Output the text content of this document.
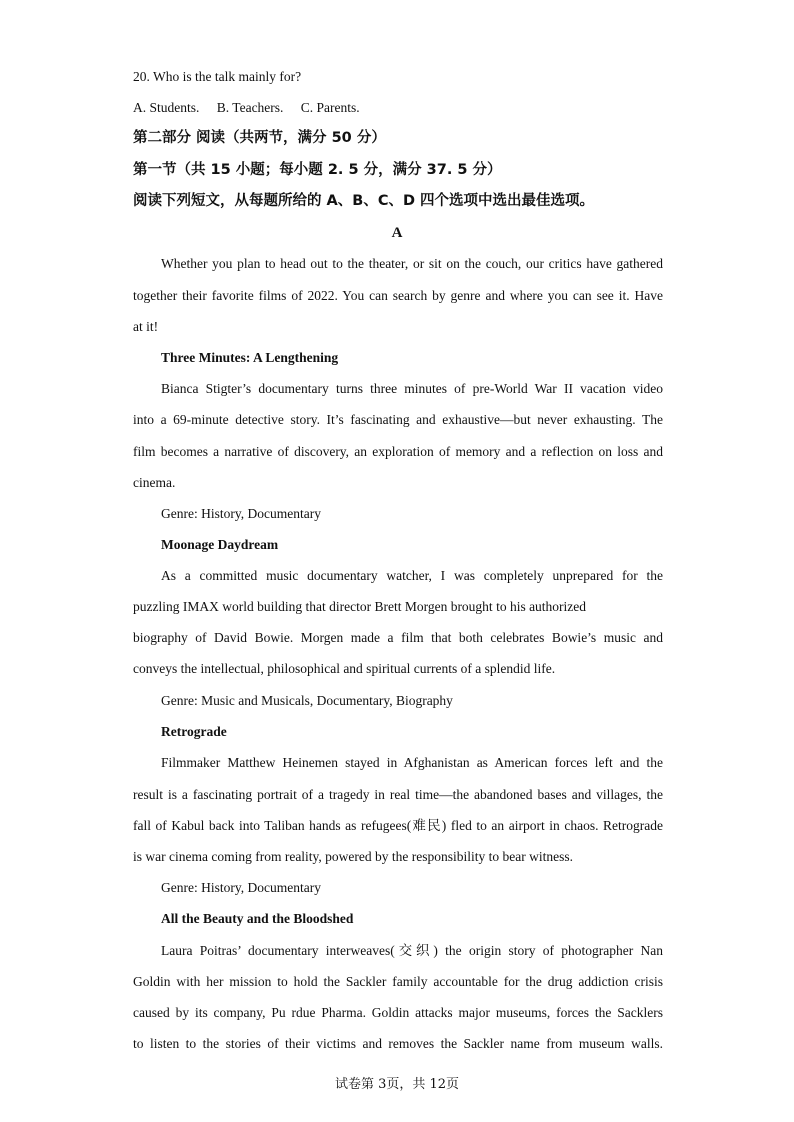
20. Who is the talk mainly for?
A. Students. B. Teachers. C. Parents.
第二部分 阅读（共两节，满分 50 分）
第一节（共 15 小题；每小题 2. 5 分，满分 37. 5 分）
阅读下列短文，从每题所给的 A、B、C、D 四个选项中选出最佳选项。
A
Whether you plan to head out to the theater, or sit on the couch, our critics have gathered
together their favorite films of 2022. You can search by genre and where you can see it. Have
at it!
Three Minutes: A Lengthening
Bianca Stigter’s documentary turns three minutes of pre-World War II vacation video
into a 69-minute detective story. It’s fascinating and exhaustive—but never exhausting. The
film becomes a narrative of discovery, an exploration of memory and a reflection on loss and
cinema.
Genre: History, Documentary
Moonage Daydream
As a committed music documentary watcher, I was completely unprepared for the
puzzling IMAX world building that director Brett Morgen brought to his authorized
biography of David Bowie. Morgen made a film that both celebrates Bowie’s music and
conveys the intellectual, philosophical and spiritual currents of a splendid life.
Genre: Music and Musicals, Documentary, Biography
Retrograde
Filmmaker Matthew Heinemen stayed in Afghanistan as American forces left and the
result is a fascinating portrait of a tragedy in real time—the abandoned bases and villages, the
fall of Kabul back into Taliban hands as refugees(难民) fled to an airport in chaos. Retrograde
is war cinema coming from reality, powered by the responsibility to bear witness.
Genre: History, Documentary
All the Beauty and the Bloodshed
Laura Poitras’ documentary interweaves(交织) the origin story of photographer Nan
Goldin with her mission to hold the Sackler family accountable for the drug addiction crisis
caused by its company, Pu rdue Pharma. Goldin attacks major museums, forces the Sacklers
to listen to the stories of their victims and removes the Sackler name from museum walls.
试卷第 3页，共 12页
